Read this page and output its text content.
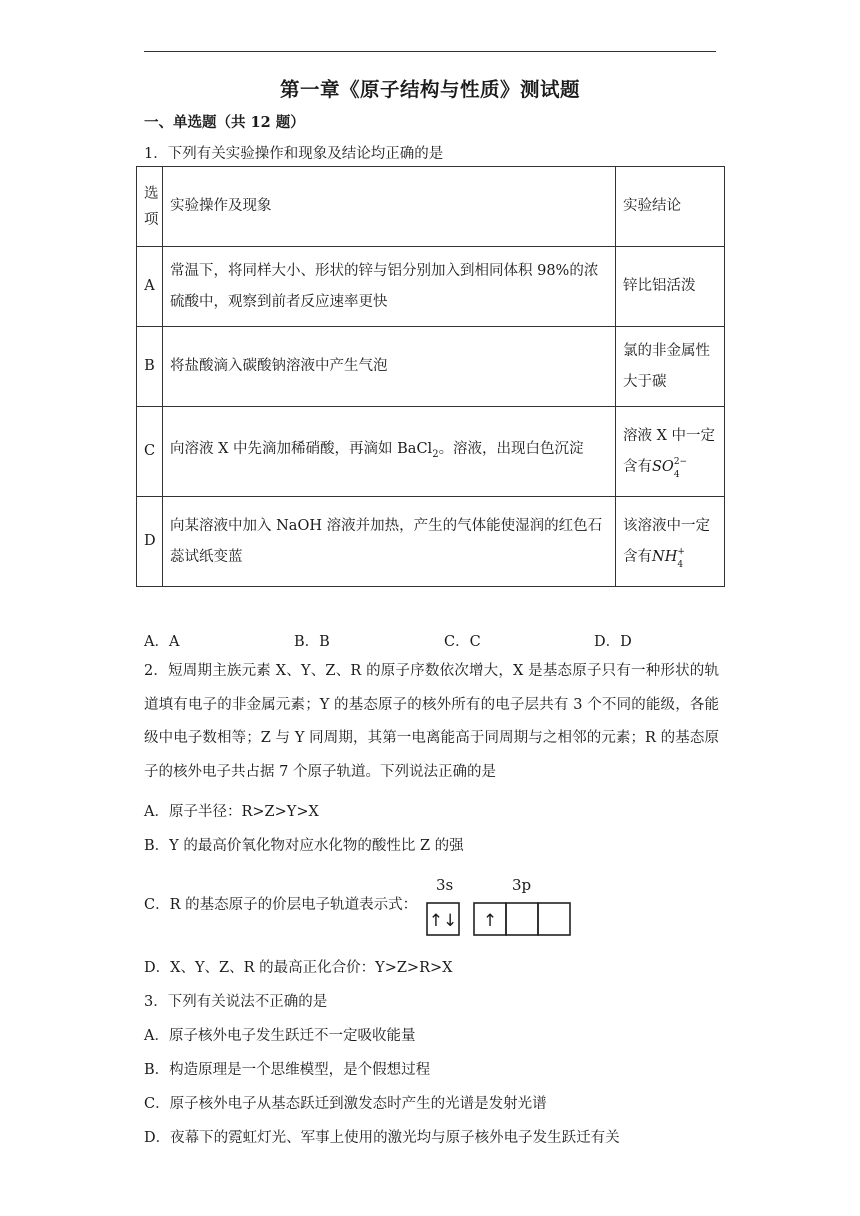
第一章《原子结构与性质》测试题
一、单选题（共 12 题）
1．下列有关实验操作和现象及结论均正确的是
选项	实验操作及现象	实验结论
A	常温下，将同样大小、形状的锌与铝分别加入到相同体积 98%的浓硫酸中，观察到前者反应速率更快	锌比铝活泼
B	将盐酸滴入碳酸钠溶液中产生气泡	氯的非金属性大于碳
C	向溶液 X 中先滴加稀硝酸，再滴如 BaCl$_2$。溶液，出现白色沉淀	溶液 X 中一定含有SO 2−
4

D	向某溶液中加入 NaOH 溶液并加热，产生的气体能使湿润的红色石蕊试纸变蓝	该溶液中一定含有NH +
4
A．A	B．B	C．C	D．D
2．短周期主族元素 X、Y、Z、R 的原子序数依次增大，X 是基态原子只有一种形状的轨道填有电子的非金属元素；Y 的基态原子的核外所有的电子层共有 3 个不同的能级，各能级中电子数相等；Z 与 Y 同周期，其第一电离能高于同周期与之相邻的元素；R 的基态原子的核外电子共占据 7 个原子轨道。下列说法正确的是
A．原子半径：R>Z>Y>X
B．Y 的最高价氧化物对应水化物的酸性比 Z 的强
C．R 的基态原子的价层电子轨道表示式：
3s	3p
↑↓ ↑
D．X、Y、Z、R 的最高正化合价：Y>Z>R>X
3．下列有关说法不正确的是
A．原子核外电子发生跃迁不一定吸收能量
B．构造原理是一个思维模型，是个假想过程
C．原子核外电子从基态跃迁到激发态时产生的光谱是发射光谱
D．夜幕下的霓虹灯光、军事上使用的激光均与原子核外电子发生跃迁有关
